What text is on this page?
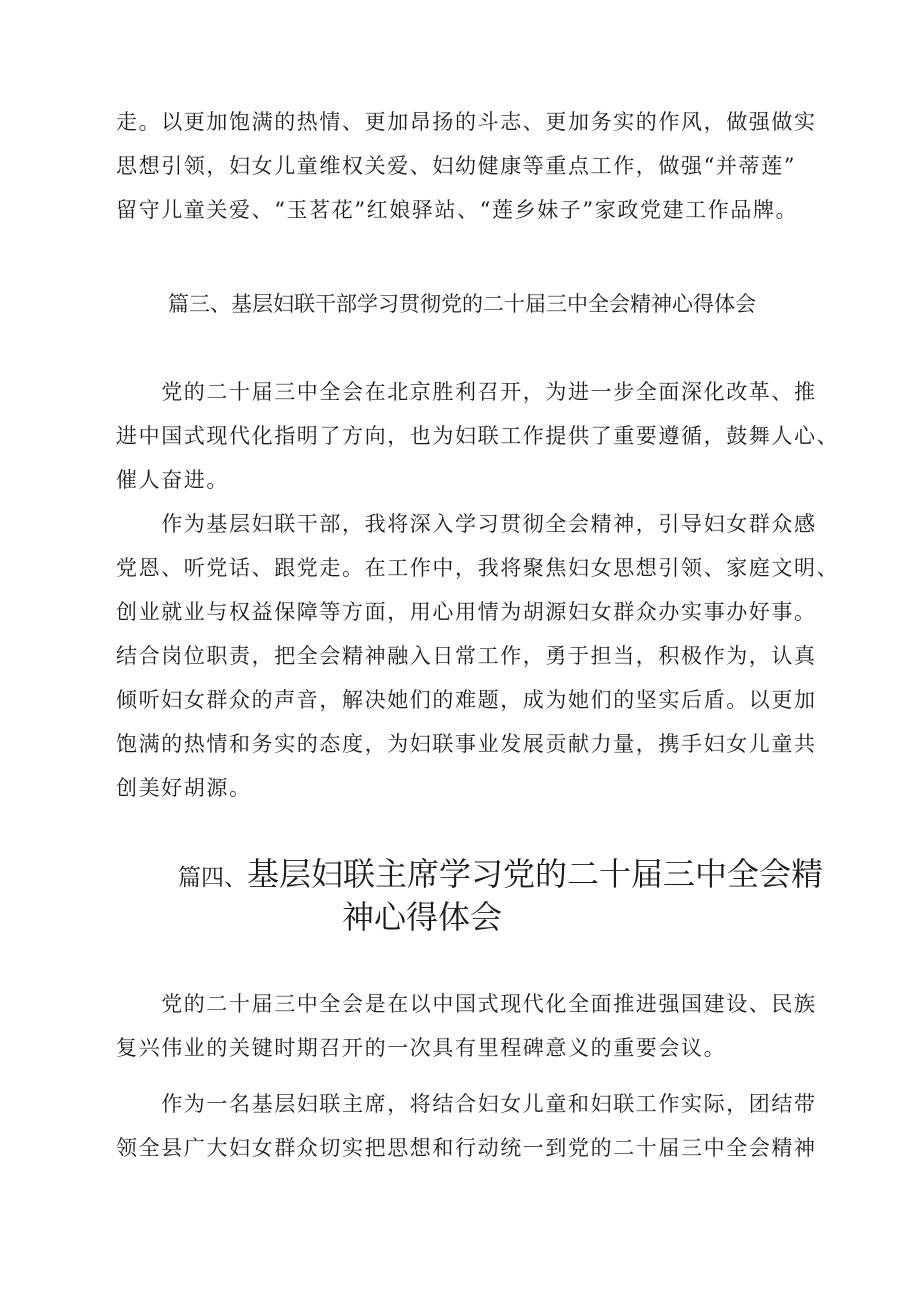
走。以更加饱满的热情、更加昂扬的斗志、更加务实的作风，做强做实
思想引领，妇女儿童维权关爱、妇幼健康等重点工作，做强“并蒂莲”
留守儿童关爱、“玉茗花”红娘驿站、“莲乡妹子”家政党建工作品牌。
篇三、基层妇联干部学习贯彻党的二十届三中全会精神心得体会
　　党的二十届三中全会在北京胜利召开，为进一步全面深化改革、推
进中国式现代化指明了方向，也为妇联工作提供了重要遵循，鼓舞人心、
催人奋进。
　　作为基层妇联干部，我将深入学习贯彻全会精神，引导妇女群众感
党恩、听党话、跟党走。在工作中，我将聚焦妇女思想引领、家庭文明、
创业就业与权益保障等方面，用心用情为胡源妇女群众办实事办好事。
结合岗位职责，把全会精神融入日常工作，勇于担当，积极作为，认真
倾听妇女群众的声音，解决她们的难题，成为她们的坚实后盾。以更加
饱满的热情和务实的态度，为妇联事业发展贡献力量，携手妇女儿童共
创美好胡源。
篇四、基层妇联主席学习党的二十届三中全会精
神心得体会
　　党的二十届三中全会是在以中国式现代化全面推进强国建设、民族
复兴伟业的关键时期召开的一次具有里程碑意义的重要会议。
　　作为一名基层妇联主席，将结合妇女儿童和妇联工作实际，团结带
领全县广大妇女群众切实把思想和行动统一到党的二十届三中全会精神
